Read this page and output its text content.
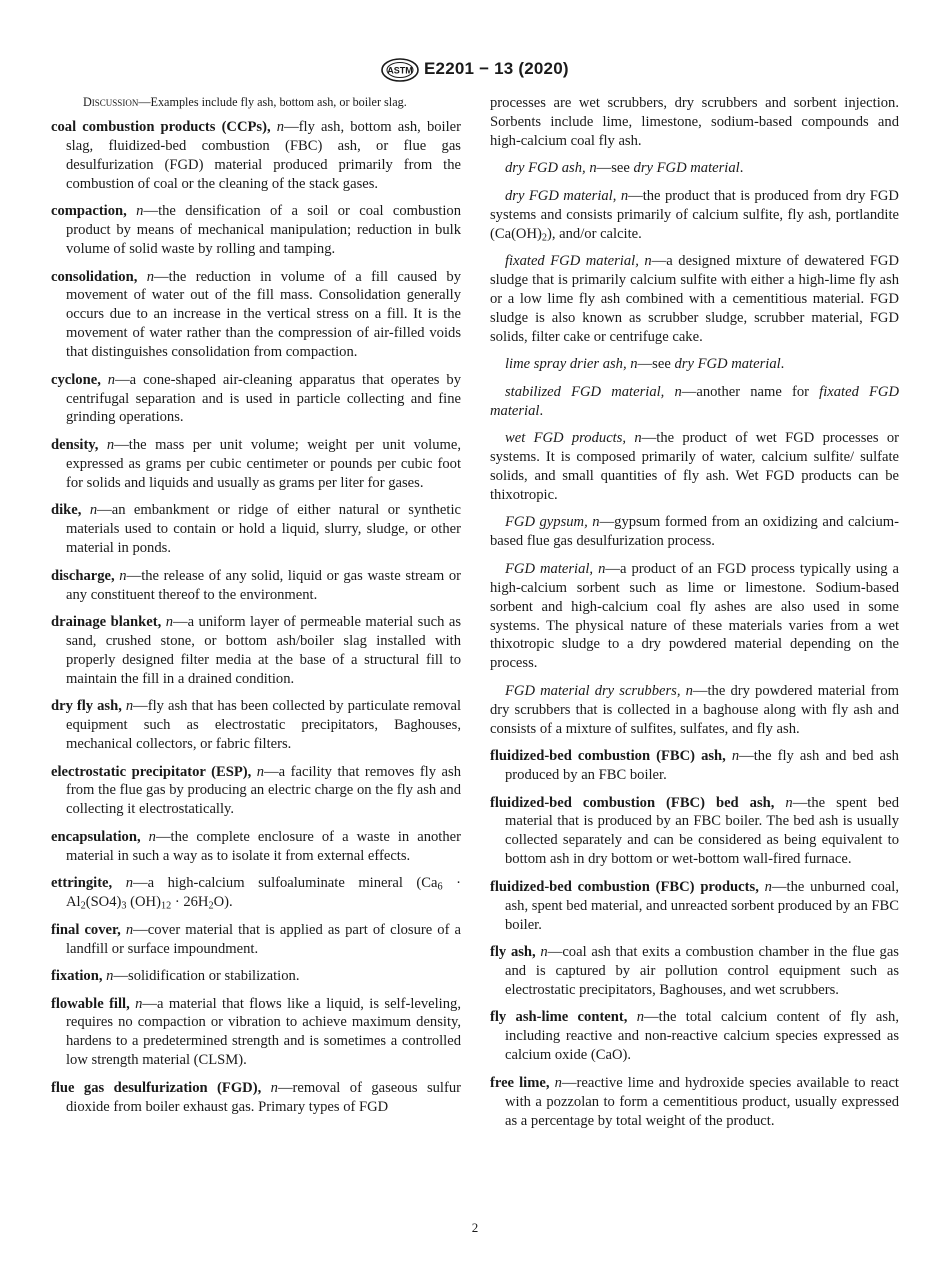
ASTM E2201 − 13 (2020)

Discussion—Examples include fly ash, bottom ash, or boiler slag.

coal combustion products (CCPs), n—fly ash, bottom ash, boiler slag, fluidized-bed combustion (FBC) ash, or flue gas desulfurization (FGD) material produced primarily from the combustion of coal or the cleaning of the stack gases.

compaction, n—the densification of a soil or coal combustion product by means of mechanical manipulation; reduction in bulk volume of solid waste by rolling and tamping.

consolidation, n—the reduction in volume of a fill caused by movement of water out of the fill mass. Consolidation generally occurs due to an increase in the vertical stress on a fill. It is the movement of water rather than the compression of air-filled voids that distinguishes consolidation from compaction.

cyclone, n—a cone-shaped air-cleaning apparatus that operates by centrifugal separation and is used in particle collecting and fine grinding operations.

density, n—the mass per unit volume; weight per unit volume, expressed as grams per cubic centimeter or pounds per cubic foot for solids and liquids and usually as grams per liter for gases.

dike, n—an embankment or ridge of either natural or synthetic materials used to contain or hold a liquid, slurry, sludge, or other material in ponds.

discharge, n—the release of any solid, liquid or gas waste stream or any constituent thereof to the environment.

drainage blanket, n—a uniform layer of permeable material such as sand, crushed stone, or bottom ash/boiler slag installed with properly designed filter media at the base of a structural fill to maintain the fill in a drained condition.

dry fly ash, n—fly ash that has been collected by particulate removal equipment such as electrostatic precipitators, Baghouses, mechanical collectors, or fabric filters.

electrostatic precipitator (ESP), n—a facility that removes fly ash from the flue gas by producing an electric charge on the fly ash and collecting it electrostatically.

encapsulation, n—the complete enclosure of a waste in another material in such a way as to isolate it from external effects.

ettringite, n—a high-calcium sulfoaluminate mineral ($Ca_6 \cdot Al_2(SO4)_3$ $(OH)_{12} \cdot 26H_2O$).

final cover, n—cover material that is applied as part of closure of a landfill or surface impoundment.

fixation, n—solidification or stabilization.

flowable fill, n—a material that flows like a liquid, is self-leveling, requires no compaction or vibration to achieve maximum density, hardens to a predetermined strength and is sometimes a controlled low strength material (CLSM).

flue gas desulfurization (FGD), n—removal of gaseous sulfur dioxide from boiler exhaust gas. Primary types of FGD

processes are wet scrubbers, dry scrubbers and sorbent injection. Sorbents include lime, limestone, sodium-based compounds and high-calcium coal fly ash.

dry FGD ash, n—see dry FGD material.

dry FGD material, n—the product that is produced from dry FGD systems and consists primarily of calcium sulfite, fly ash, portlandite $(Ca(OH)_2)$, and/or calcite.

fixated FGD material, n—a designed mixture of dewatered FGD sludge that is primarily calcium sulfite with either a high-lime fly ash or a low lime fly ash combined with a cementitious material. FGD sludge is also known as scrubber sludge, scrubber material, FGD solids, filter cake or centrifuge cake.

lime spray drier ash, n—see dry FGD material.

stabilized FGD material, n—another name for fixated FGD material.

wet FGD products, n—the product of wet FGD processes or systems. It is composed primarily of water, calcium sulfite/ sulfate solids, and small quantities of fly ash. Wet FGD products can be thixotropic.

FGD gypsum, n—gypsum formed from an oxidizing and calcium-based flue gas desulfurization process.

FGD material, n—a product of an FGD process typically using a high-calcium sorbent such as lime or limestone. Sodium-based sorbent and high-calcium coal fly ashes are also used in some systems. The physical nature of these materials varies from a wet thixotropic sludge to a dry powdered material depending on the process.

FGD material dry scrubbers, n—the dry powdered material from dry scrubbers that is collected in a baghouse along with fly ash and consists of a mixture of sulfites, sulfates, and fly ash.

fluidized-bed combustion (FBC) ash, n—the fly ash and bed ash produced by an FBC boiler.

fluidized-bed combustion (FBC) bed ash, n—the spent bed material that is produced by an FBC boiler. The bed ash is usually collected separately and can be considered as being equivalent to bottom ash in dry bottom or wet-bottom wall-fired furnace.

fluidized-bed combustion (FBC) products, n—the unburned coal, ash, spent bed material, and unreacted sorbent produced by an FBC boiler.

fly ash, n—coal ash that exits a combustion chamber in the flue gas and is captured by air pollution control equipment such as electrostatic precipitators, Baghouses, and wet scrubbers.

fly ash-lime content, n—the total calcium content of fly ash, including reactive and non-reactive calcium species expressed as calcium oxide (CaO).

free lime, n—reactive lime and hydroxide species available to react with a pozzolan to form a cementitious product, usually expressed as a percentage by total weight of the product.

2
